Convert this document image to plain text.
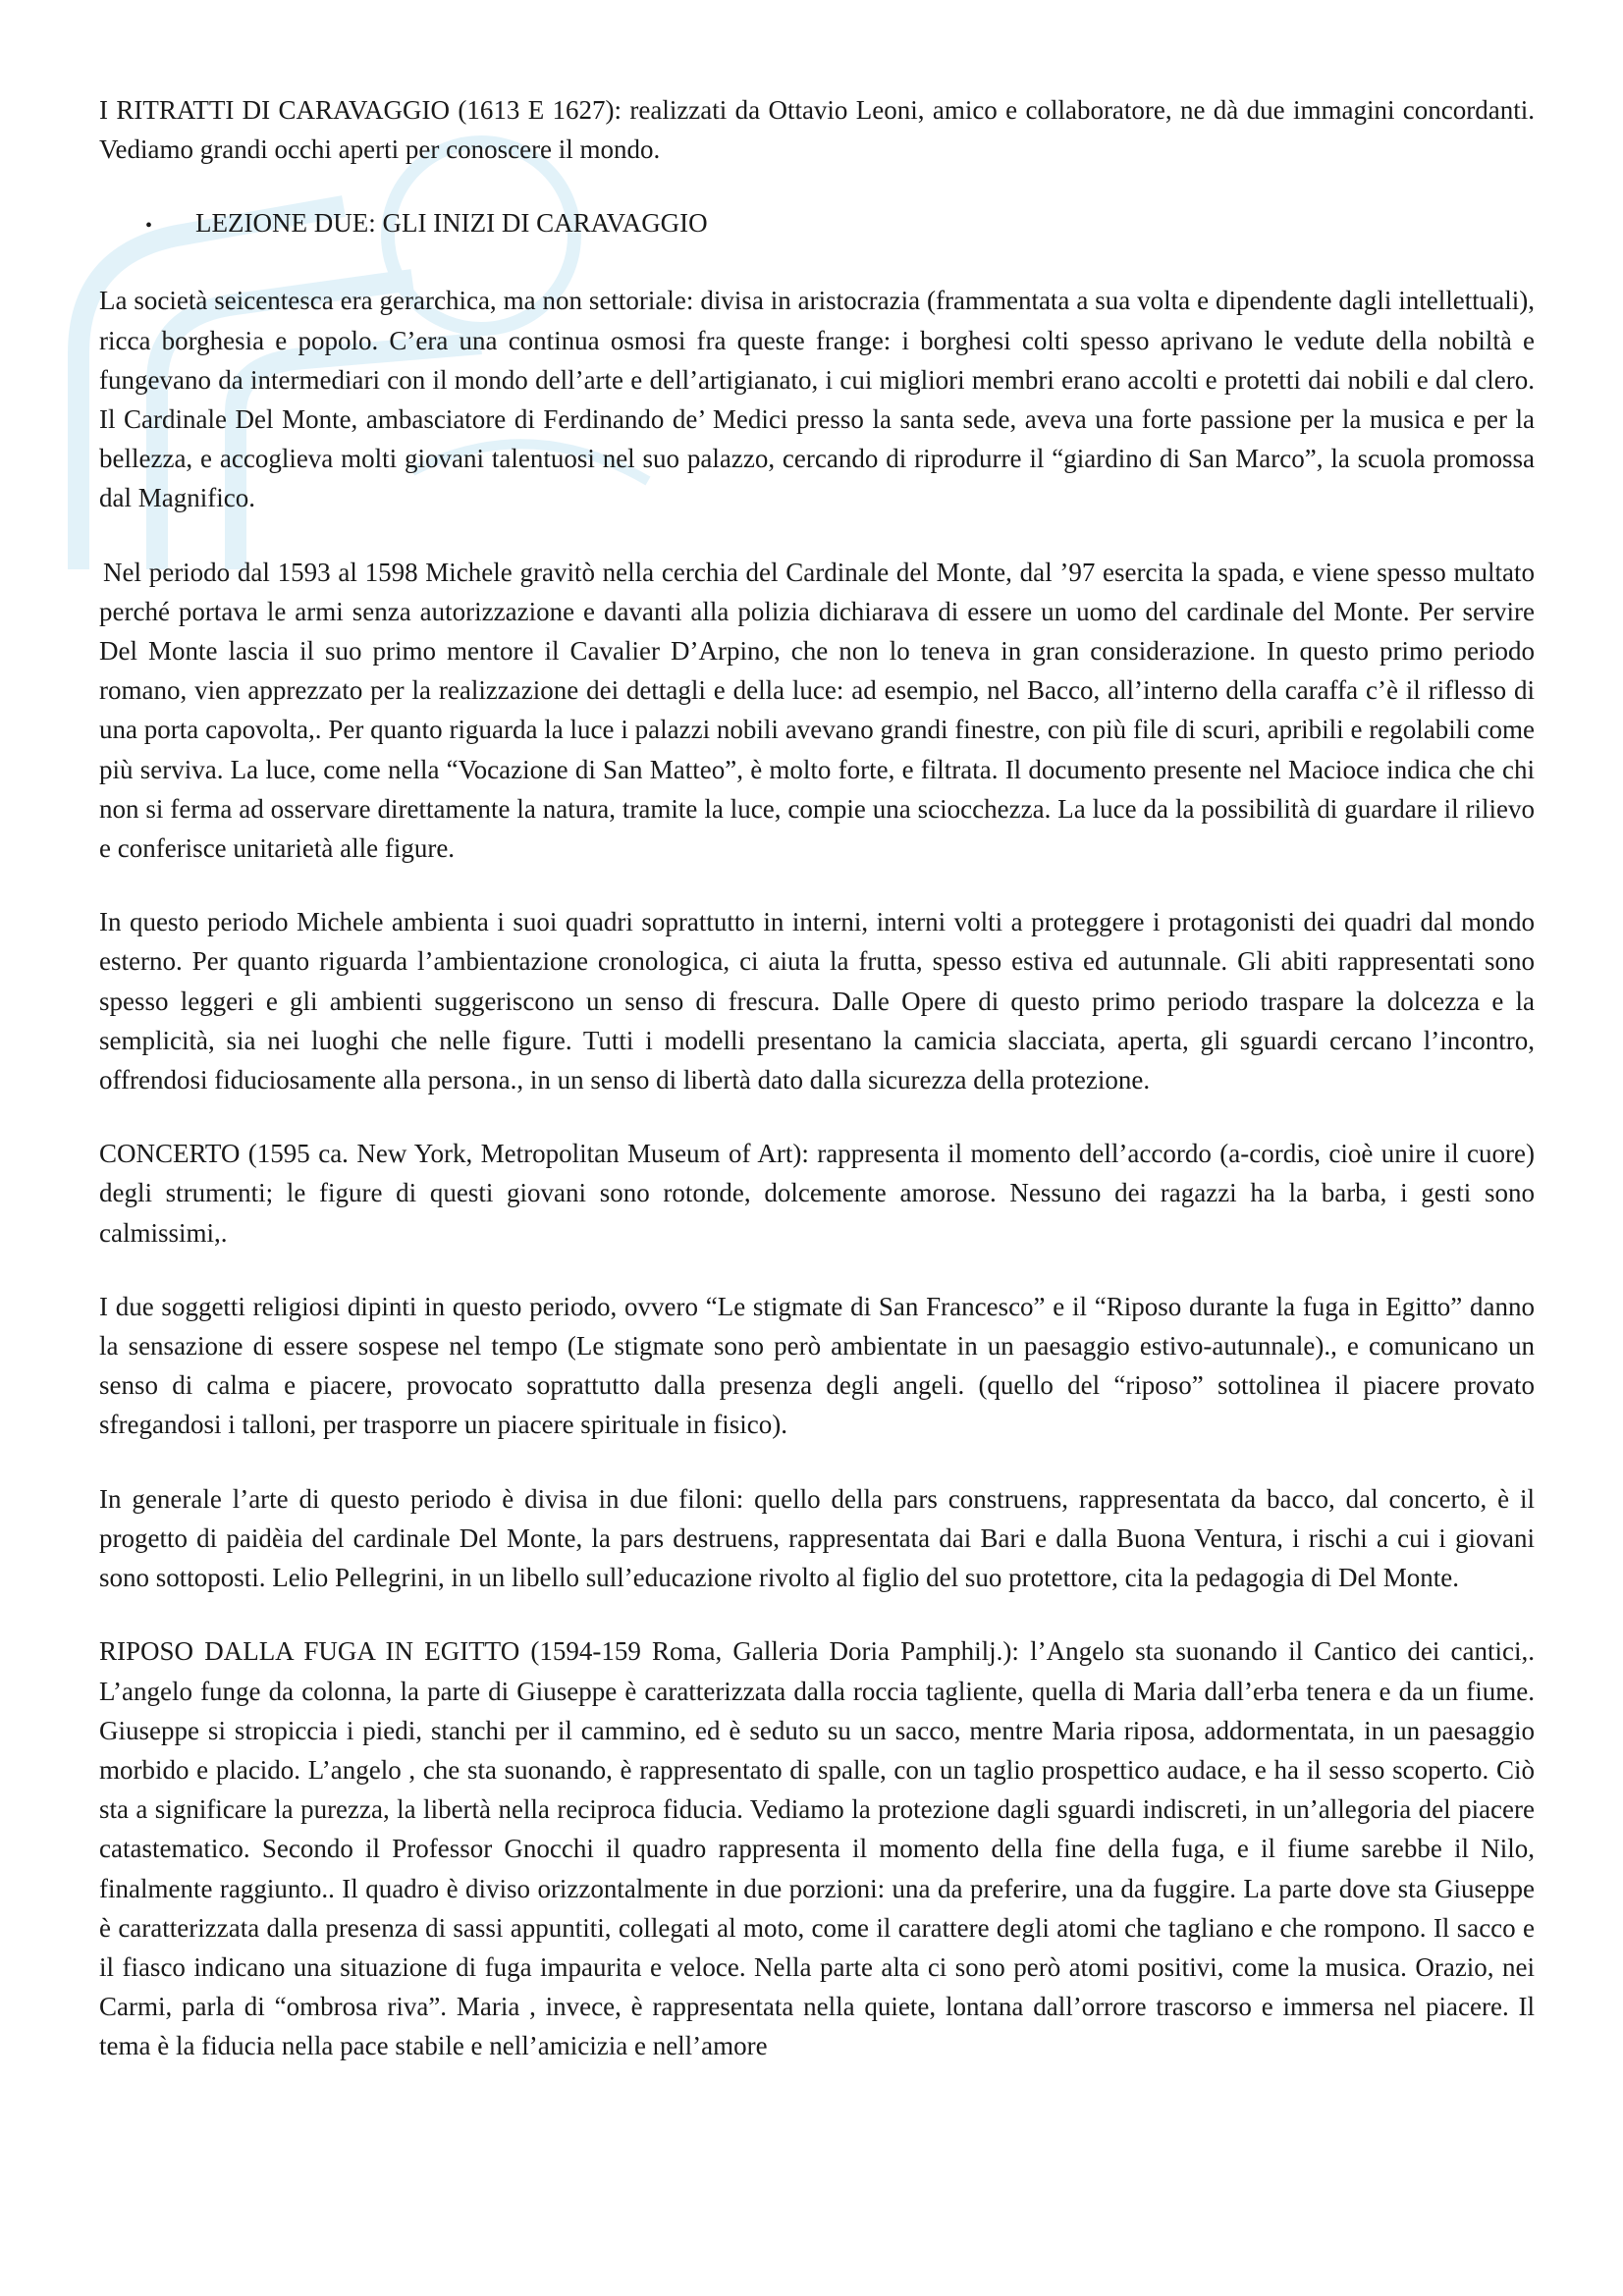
I RITRATTI DI CARAVAGGIO (1613 E 1627): realizzati da Ottavio Leoni, amico e collaboratore, ne dà due immagini concordanti. Vediamo grandi occhi aperti per conoscere il mondo.

•	LEZIONE DUE: GLI INIZI DI CARAVAGGIO

La società seicentesca era gerarchica, ma non settoriale: divisa in aristocrazia (frammentata a sua volta e dipendente dagli intellettuali), ricca borghesia e popolo. C’era una continua osmosi fra queste frange: i borghesi colti spesso aprivano le vedute della nobiltà e fungevano da intermediari con il mondo dell’arte e dell’artigianato, i cui migliori membri erano accolti e protetti dai nobili e dal clero. Il Cardinale Del Monte, ambasciatore di Ferdinando de’ Medici presso la santa sede, aveva una forte passione per la musica e per la bellezza, e accoglieva molti giovani talentuosi nel suo palazzo, cercando di riprodurre il “giardino di San Marco”, la scuola promossa dal Magnifico.

Nel periodo dal 1593 al 1598 Michele gravitò nella cerchia del Cardinale del Monte, dal ’97 esercita la spada, e viene spesso multato perché portava le armi senza autorizzazione e davanti alla polizia dichiarava di essere un uomo del cardinale del Monte. Per servire Del Monte lascia il suo primo mentore il Cavalier D’Arpino, che non lo teneva in gran considerazione. In questo primo periodo romano, vien apprezzato per la realizzazione dei dettagli e della luce: ad esempio, nel Bacco, all’interno della caraffa c’è il riflesso di una porta capovolta,. Per quanto riguarda la luce i palazzi nobili avevano grandi finestre, con più file di scuri, apribili e regolabili come più serviva. La luce, come nella “Vocazione di San Matteo”, è molto forte, e filtrata. Il documento presente nel Macioce indica che chi non si ferma ad osservare direttamente la natura, tramite la luce, compie una sciocchezza. La luce da la possibilità di guardare il rilievo e conferisce unitarietà alle figure.

In questo periodo Michele ambienta i suoi quadri soprattutto in interni, interni volti a proteggere i protagonisti dei quadri dal mondo esterno. Per quanto riguarda l’ambientazione cronologica, ci aiuta la frutta, spesso estiva ed autunnale. Gli abiti rappresentati sono spesso leggeri e gli ambienti suggeriscono un senso di frescura. Dalle Opere di questo primo periodo traspare la dolcezza e la semplicità, sia nei luoghi che nelle figure. Tutti i modelli presentano la camicia slacciata, aperta, gli sguardi cercano l’incontro, offrendosi fiduciosamente alla persona., in un senso di libertà dato dalla sicurezza della protezione.

CONCERTO (1595 ca. New York, Metropolitan Museum of Art): rappresenta il momento dell’accordo (a-cordis, cioè unire il cuore) degli strumenti; le figure di questi giovani sono rotonde, dolcemente amorose. Nessuno dei ragazzi ha la barba, i gesti sono calmissimi,.

I due soggetti religiosi dipinti in questo periodo, ovvero “Le stigmate di San Francesco” e il “Riposo durante la fuga in Egitto” danno la sensazione di essere sospese nel tempo (Le stigmate sono però ambientate in un paesaggio estivo-autunnale)., e comunicano un senso di calma e piacere, provocato soprattutto dalla presenza degli angeli. (quello del “riposo” sottolinea il piacere provato sfregandosi i talloni, per trasporre un piacere spirituale in fisico).

In generale l’arte di questo periodo è divisa in due filoni: quello della pars construens, rappresentata da bacco, dal concerto, è il progetto di paidèia del cardinale Del Monte, la pars destruens, rappresentata dai Bari e dalla Buona Ventura, i rischi a cui i giovani sono sottoposti. Lelio Pellegrini, in un libello sull’educazione rivolto al figlio del suo protettore, cita la pedagogia di Del Monte.

RIPOSO DALLA FUGA IN EGITTO (1594-159 Roma, Galleria Doria Pamphilj.): l’Angelo sta suonando il Cantico dei cantici,. L’angelo funge da colonna, la parte di Giuseppe è caratterizzata dalla roccia tagliente, quella di Maria dall’erba tenera e da un fiume. Giuseppe si stropiccia i piedi, stanchi per il cammino, ed è seduto su un sacco, mentre Maria riposa, addormentata, in un paesaggio morbido e placido. L’angelo , che sta suonando, è rappresentato di spalle, con un taglio prospettico audace, e ha il sesso scoperto. Ciò sta a significare la purezza, la libertà nella reciproca fiducia. Vediamo la protezione dagli sguardi indiscreti, in un’allegoria del piacere catastematico. Secondo il Professor Gnocchi il quadro rappresenta il momento della fine della fuga, e il fiume sarebbe il Nilo, finalmente raggiunto.. Il quadro è diviso orizzontalmente in due porzioni: una da preferire, una da fuggire. La parte dove sta Giuseppe è caratterizzata dalla presenza di sassi appuntiti, collegati al moto, come il carattere degli atomi che tagliano e che rompono. Il sacco e il fiasco indicano una situazione di fuga impaurita e veloce. Nella parte alta ci sono però atomi positivi, come la musica. Orazio, nei Carmi, parla di “ombrosa riva”. Maria , invece, è rappresentata nella quiete, lontana dall’orrore trascorso e immersa nel piacere. Il tema è la fiducia nella pace stabile e nell’amicizia e nell’amore
